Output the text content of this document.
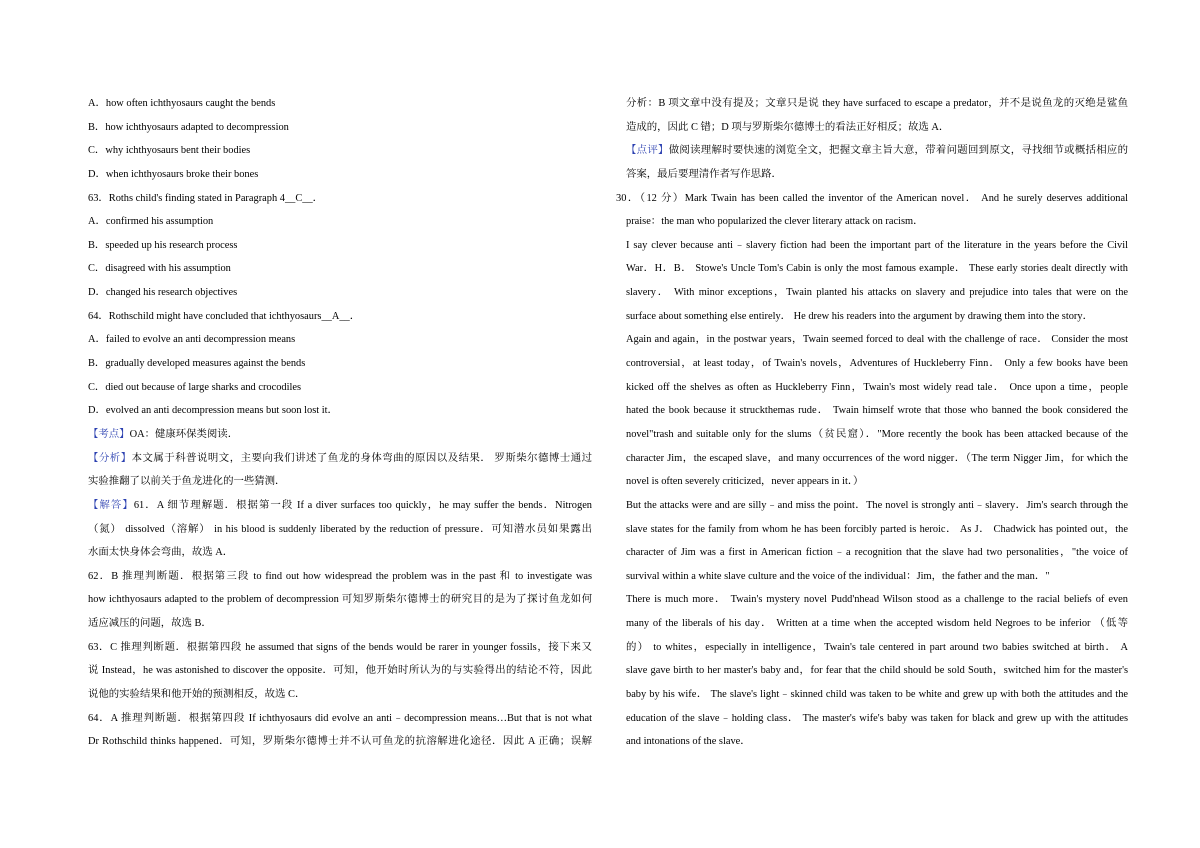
A．how often ichthyosaurs caught the bends
B．how ichthyosaurs adapted to decompression
C．why ichthyosaurs bent their bodies
D．when ichthyosaurs broke their bones
63．Roths child's finding stated in Paragraph 4__C__．
A．confirmed his assumption
B．speeded up his research process
C．disagreed with his assumption
D．changed his research objectives
64．Rothschild might have concluded that ichthyosaurs__A__．
A．failed to evolve an anti decompression means
B．gradually developed measures against the bends
C．died out because of large sharks and crocodiles
D．evolved an anti decompression means but soon lost it．
【考点】OA：健康环保类阅读．
【分析】本文属于科普说明文，主要向我们讲述了鱼龙的身体弯曲的原因以及结果． 罗斯柴尔德博士通过
实验推翻了以前关于鱼龙进化的一些猜测．
【解答】61．A 细节理解题．根据第一段 If a diver surfaces too quickly，he may suffer the bends．Nitrogen
（氮） dissolved（溶解） in his blood is suddenly liberated by the reduction of pressure．可知潜水员如果露出
水面太快身体会弯曲，故选 A．
62．B 推理判断题．根据第三段 to find out how widespread the problem was in the past 和 to investigate was
how ichthyosaurs adapted to the problem of decompression 可知罗斯柴尔德博士的研究目的是为了探讨鱼龙如何
适应减压的问题，故选 B．
63．C 推理判断题．根据第四段 he assumed that signs of the bends would be rarer in younger fossils，接下来又
说 Instead，he was astonished to discover the opposite．可知，他开始时所认为的与实验得出的结论不符，因此
说他的实验结果和他开始的预测相反，故选 C．
64．A 推理判断题．根据第四段 If ichthyosaurs did evolve an anti﹣decompression means…But that is not what
Dr Rothschild thinks happened．可知，罗斯柴尔德博士并不认可鱼龙的抗溶解进化途径．因此 A 正确；误解
分析：B 项文章中没有提及；文章只是说 they have surfaced to escape a predator，并不是说鱼龙的灭绝是鲨鱼
造成的，因此 C 错；D 项与罗斯柴尔德博士的看法正好相反；故选 A．
【点评】做阅读理解时要快速的浏览全文，把握文章主旨大意，带着问题回到原文，寻找细节或概括相应的
答案，最后要理清作者写作思路．
30．（12 分）Mark Twain has been called the inventor of the American novel． And he surely deserves additional
praise：the man who popularized the clever literary attack on racism．
I say clever because anti﹣slavery fiction had been the important part of the literature in the years before the Civil
War．H．B． Stowe's Uncle Tom's Cabin is only the most famous example． These early stories dealt directly with
slavery． With minor exceptions，Twain planted his attacks on slavery and prejudice into tales that were on the
surface about something else entirely． He drew his readers into the argument by drawing them into the story．
Again and again，in the postwar years，Twain seemed forced to deal with the challenge of race． Consider the most
controversial，at least today，of Twain's novels，Adventures of Huckleberry Finn． Only a few books have been
kicked off the shelves as often as Huckleberry Finn，Twain's most widely read tale． Once upon a time，people
hated the book because it struckthemas rude． Twain himself wrote that those who banned the book considered the
novel"trash and suitable only for the slums（贫民窟）．"More recently the book has been attacked because of the
character Jim，the escaped slave，and many occurrences of the word nigger．（The term Nigger Jim，for which the
novel is often severely criticized，never appears in it．）
But the attacks were and are silly﹣and miss the point．The novel is strongly anti﹣slavery．Jim's search through the
slave states for the family from whom he has been forcibly parted is heroic． As J． Chadwick has pointed out，the
character of Jim was a first in American fiction﹣a recognition that the slave had two personalities，"the voice of
survival within a white slave culture and the voice of the individual：Jim，the father and the man．"
There is much more． Twain's mystery novel Pudd'nhead Wilson stood as a challenge to the racial beliefs of even
many of the liberals of his day． Written at a time when the accepted wisdom held Negroes to be inferior （低等
的） to whites，especially in intelligence，Twain's tale centered in part around two babies switched at birth． A
slave gave birth to her master's baby and，for fear that the child should be sold South，switched him for the master's
baby by his wife． The slave's light﹣skinned child was taken to be white and grew up with both the attitudes and the
education of the slave﹣holding class． The master's wife's baby was taken for black and grew up with the attitudes
and intonations of the slave．
